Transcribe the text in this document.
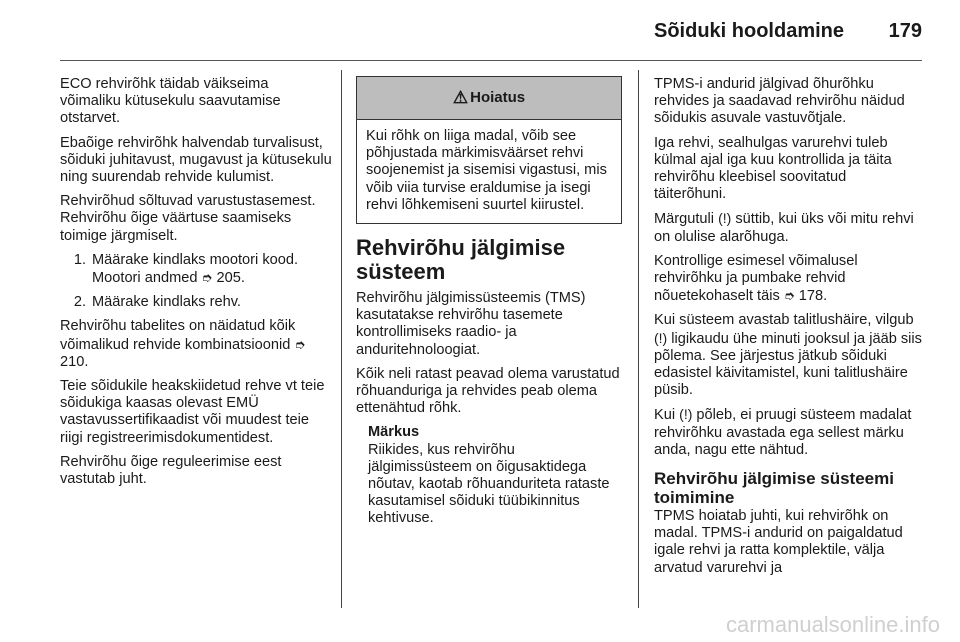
Sõiduki hooldamine 179

ECO rehvirõhk täidab väikseima võimaliku kütusekulu saavutamise otstarvet.

Ebaõige rehvirõhk halvendab turvalisust, sõiduki juhitavust, mugavust ja kütusekulu ning suurendab rehvide kulumist.

Rehvirõhud sõltuvad varustustasemest. Rehvirõhu õige väärtuse saamiseks toimige järgmiselt.

1. Määrake kindlaks mootori kood. Mootori andmed ➮ 205.
2. Määrake kindlaks rehv.

Rehvirõhu tabelites on näidatud kõik võimalikud rehvide kombinatsioonid ➮ 210.

Teie sõidukile heakskiidetud rehve vt teie sõidukiga kaasas olevast EMÜ vastavussertifikaadist või muudest teie riigi registreerimisdokumentidest.

Rehvirõhu õige reguleerimise eest vastutab juht.

⚠ Hoiatus
Kui rõhk on liiga madal, võib see põhjustada märkimisväärset rehvi soojenemist ja sisemisi vigastusi, mis võib viia turvise eraldumise ja isegi rehvi lõhkemiseni suurtel kiirustel.
Rehvirõhu jälgimise süsteem

Rehvirõhu jälgimissüsteemis (TMS) kasutatakse rehvirõhu tasemete kontrollimiseks raadio- ja anduritehnoloogiat.

Kõik neli ratast peavad olema varustatud rõhuanduriga ja rehvides peab olema ettenähtud rõhk.

Märkus
Riikides, kus rehvirõhu jälgimissüsteem on õigusaktidega nõutav, kaotab rõhuanduriteta rataste kasutamisel sõiduki tüübikinnitus kehtivuse.

TPMS-i andurid jälgivad õhurõhku rehvides ja saadavad rehvirõhu näidud sõidukis asuvale vastuvõtjale.

Iga rehvi, sealhulgas varurehvi tuleb külmal ajal iga kuu kontrollida ja täita rehvirõhu kleebisel soovitatud täiterõhuni.

Märgutuli (!) süttib, kui üks või mitu rehvi on olulise alarõhuga.

Kontrollige esimesel võimalusel rehvirõhku ja pumbake rehvid nõuetekohaselt täis ➮ 178.

Kui süsteem avastab talitlushäire, vilgub (!) ligikaudu ühe minuti jooksul ja jääb siis põlema. See järjestus jätkub sõiduki edasistel käivitamistel, kuni talitlushäire püsib.

Kui (!) põleb, ei pruugi süsteem madalat rehvirõhku avastada ega sellest märku anda, nagu ette nähtud.

Rehvirõhu jälgimise süsteemi toimimine

TPMS hoiatab juhti, kui rehvirõhk on madal. TPMS-i andurid on paigaldatud igale rehvi ja ratta komplektile, välja arvatud varurehvi ja

carmanualsonline.info
